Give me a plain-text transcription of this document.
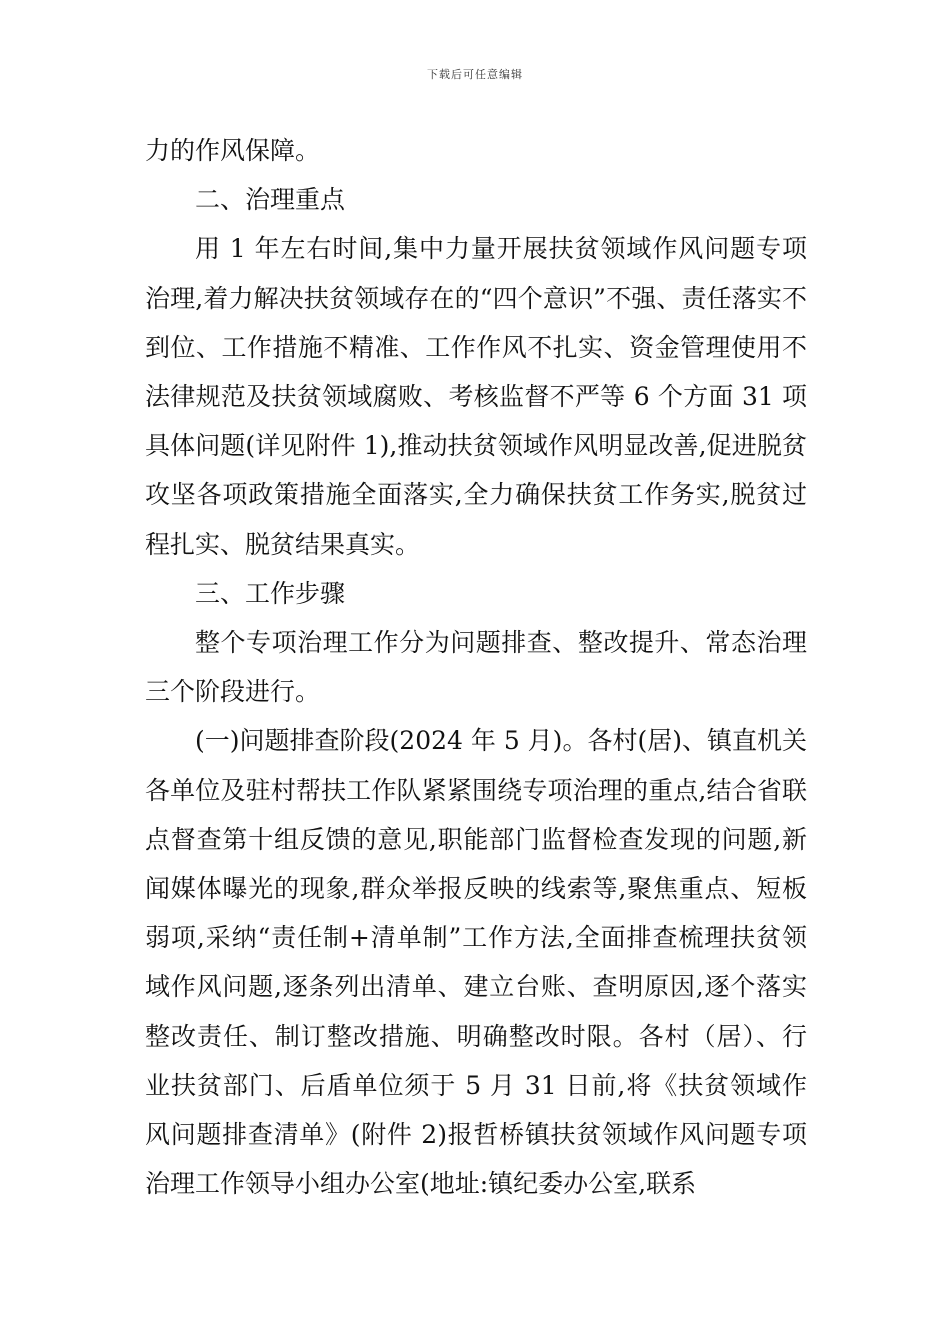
下载后可任意编辑

力的作风保障。

二、治理重点

用 1 年左右时间,集中力量开展扶贫领域作风问题专项治理,着力解决扶贫领域存在的“四个意识”不强、责任落实不到位、工作措施不精准、工作作风不扎实、资金管理使用不法律规范及扶贫领域腐败、考核监督不严等 6 个方面 31 项具体问题(详见附件 1),推动扶贫领域作风明显改善,促进脱贫攻坚各项政策措施全面落实,全力确保扶贫工作务实,脱贫过程扎实、脱贫结果真实。

三、工作步骤

整个专项治理工作分为问题排查、整改提升、常态治理三个阶段进行。

(一)问题排查阶段(2024 年 5 月)。各村(居)、镇直机关各单位及驻村帮扶工作队紧紧围绕专项治理的重点,结合省联点督查第十组反馈的意见,职能部门监督检查发现的问题,新闻媒体曝光的现象,群众举报反映的线索等,聚焦重点、短板弱项,采纳“责任制+清单制”工作方法,全面排查梳理扶贫领域作风问题,逐条列出清单、建立台账、查明原因,逐个落实整改责任、制订整改措施、明确整改时限。各村（居）、行业扶贫部门、后盾单位须于 5 月 31 日前,将《扶贫领域作风问题排查清单》(附件 2)报哲桥镇扶贫领域作风问题专项治理工作领导小组办公室(地址:镇纪委办公室,联系
